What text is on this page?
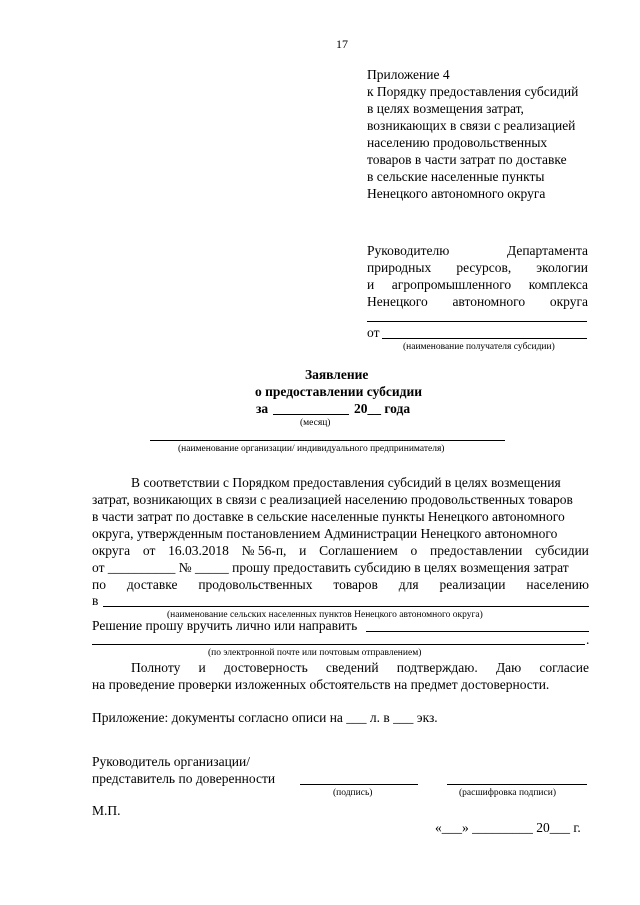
17
Приложение 4
к Порядку предоставления субсидий
в целях возмещения затрат,
возникающих в связи с реализацией
населению продовольственных
товаров в части затрат по доставке
в сельские населенные пункты
Ненецкого автономного округа
Руководителю	Департамента
природных ресурсов, экологии
и агропромышленного комплекса
Ненецкого автономного округа
от
(наименование получателя субсидии)
Заявление
о предоставлении субсидии
за	20__ года
(месяц)
(наименование организации/ индивидуального предпринимателя)
В соответствии с Порядком предоставления субсидий в целях возмещения
затрат, возникающих в связи с реализацией населению продовольственных товаров
в части затрат по доставке в сельские населенные пункты Ненецкого автономного
округа, утвержденным постановлением Администрации Ненецкого автономного
округа от 16.03.2018 № 56-п, и Соглашением о предоставлении субсидии
от __________ № _____ прошу предоставить субсидию в целях возмещения затрат
по доставке продовольственных товаров для реализации населению
в
(наименование сельских населенных пунктов Ненецкого автономного округа)
Решение прошу вручить лично или направить
.
(по электронной почте или почтовым отправлением)
Полноту и достоверность сведений подтверждаю. Даю согласие
на проведение проверки изложенных обстоятельств на предмет достоверности.
Приложение: документы согласно описи на ___ л. в ___ экз.
Руководитель организации/
представитель по доверенности
(подпись)	(расшифровка подписи)
М.П.
«___» _________ 20___ г.
